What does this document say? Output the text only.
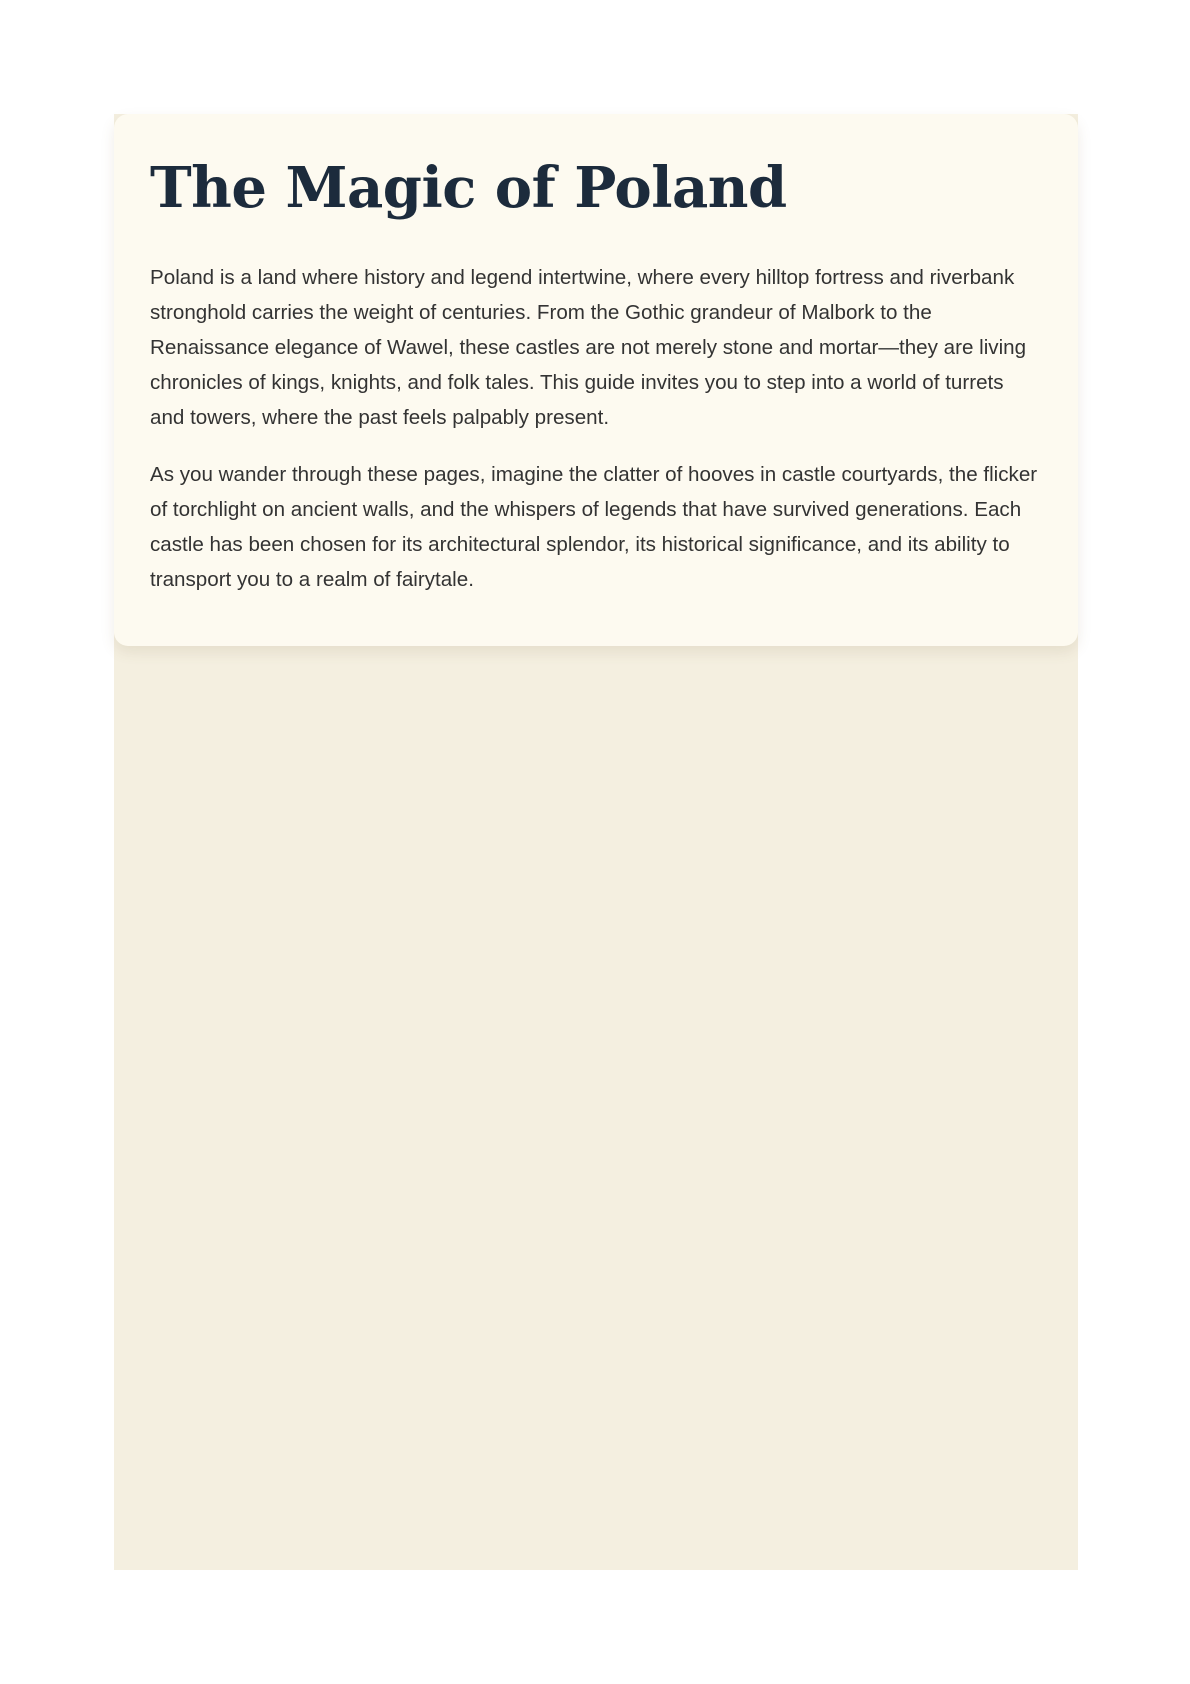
The Magic of Poland

Poland is a land where history and legend intertwine, where every hilltop fortress and riverbank stronghold carries the weight of centuries. From the Gothic grandeur of Malbork to the Renaissance elegance of Wawel, these castles are not merely stone and mortar—they are living chronicles of kings, knights, and folk tales. This guide invites you to step into a world of turrets and towers, where the past feels palpably present.

As you wander through these pages, imagine the clatter of hooves in castle courtyards, the flicker of torchlight on ancient walls, and the whispers of legends that have survived generations. Each castle has been chosen for its architectural splendor, its historical significance, and its ability to transport you to a realm of fairytale.
